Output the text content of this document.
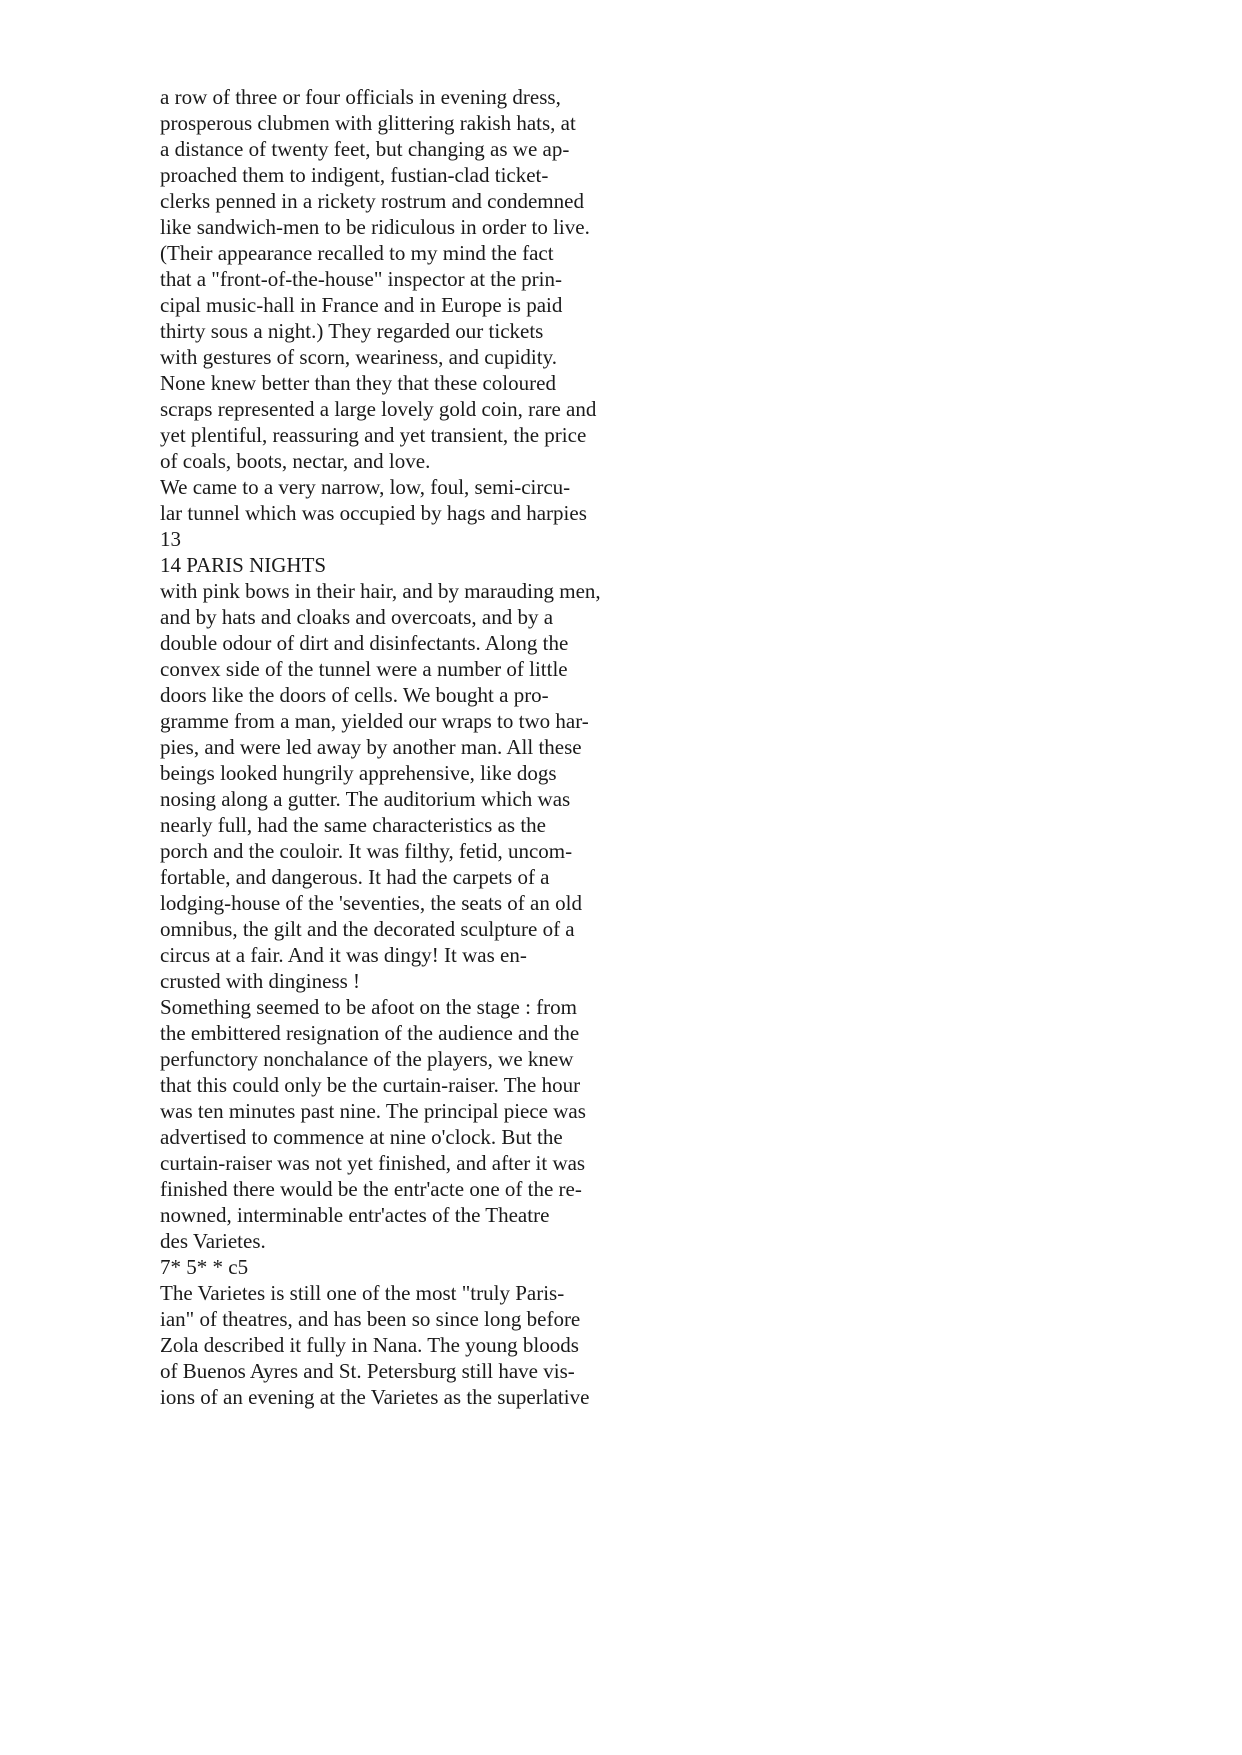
a row of three or four officials in evening dress,
prosperous clubmen with glittering rakish hats, at
a distance of twenty feet, but changing as we ap-
proached them to indigent, fustian-clad ticket-
clerks penned in a rickety rostrum and condemned
like sandwich-men to be ridiculous in order to live.
(Their appearance recalled to my mind the fact
that a "front-of-the-house" inspector at the prin-
cipal music-hall in France and in Europe is paid
thirty sous a night.) They regarded our tickets
with gestures of scorn, weariness, and cupidity.
None knew better than they that these coloured
scraps represented a large lovely gold coin, rare and
yet plentiful, reassuring and yet transient, the price
of coals, boots, nectar, and love.

We came to a very narrow, low, foul, semi-circu-
lar tunnel which was occupied by hags and harpies

13

14 PARIS NIGHTS

with pink bows in their hair, and by marauding men,
and by hats and cloaks and overcoats, and by a
double odour of dirt and disinfectants. Along the
convex side of the tunnel were a number of little
doors like the doors of cells. We bought a pro-
gramme from a man, yielded our wraps to two har-
pies, and were led away by another man. All these
beings looked hungrily apprehensive, like dogs
nosing along a gutter. The auditorium which was
nearly full, had the same characteristics as the
porch and the couloir. It was filthy, fetid, uncom-
fortable, and dangerous. It had the carpets of a
lodging-house of the 'seventies, the seats of an old
omnibus, the gilt and the decorated sculpture of a
circus at a fair. And it was dingy! It was en-
crusted with dinginess !

Something seemed to be afoot on the stage : from
the embittered resignation of the audience and the
perfunctory nonchalance of the players, we knew
that this could only be the curtain-raiser. The hour
was ten minutes past nine. The principal piece was
advertised to commence at nine o'clock. But the
curtain-raiser was not yet finished, and after it was
finished there would be the entr'acte one of the re-
nowned, interminable entr'actes of the Theatre
des Varietes.

7* 5* * c5

The Varietes is still one of the most "truly Paris-
ian" of theatres, and has been so since long before
Zola described it fully in Nana. The young bloods
of Buenos Ayres and St. Petersburg still have vis-
ions of an evening at the Varietes as the superlative
